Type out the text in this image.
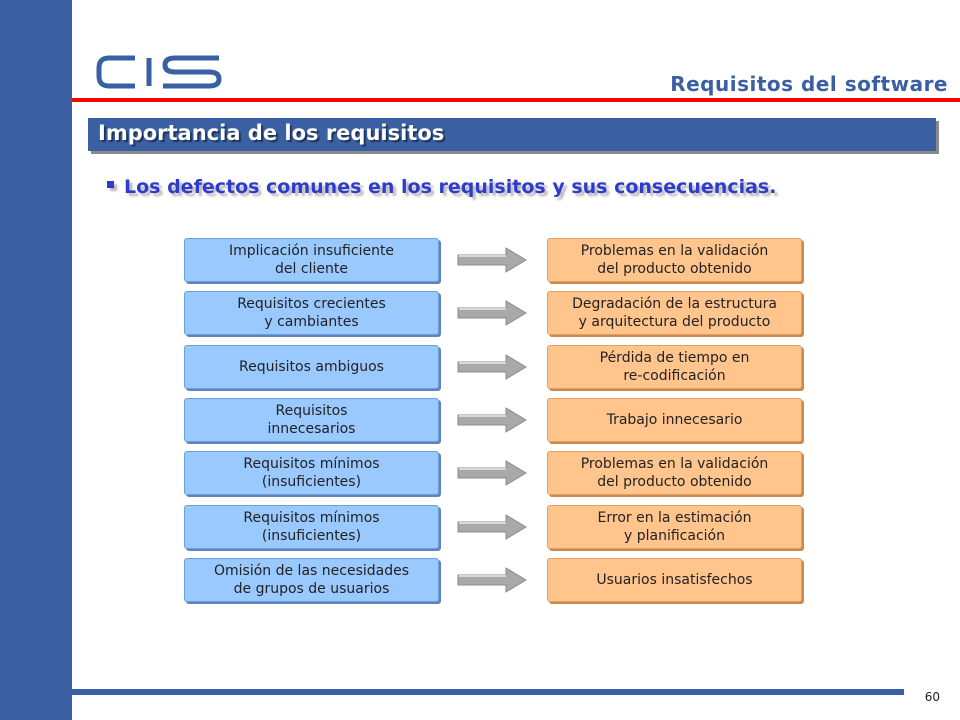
Requisitos del software
Importancia de los requisitos
Los defectos comunes en los requisitos y sus consecuencias.
Implicación insuficiente
del cliente
Problemas en la validación
del producto obtenido
Requisitos crecientes
y cambiantes
Degradación de la estructura
y arquitectura del producto
Requisitos ambiguos
Pérdida de tiempo en
re-codificación
Requisitos
innecesarios
Trabajo innecesario
Requisitos mínimos
(insuficientes)
Problemas en la validación
del producto obtenido
Requisitos mínimos
(insuficientes)
Error en la estimación
y planificación
Omisión de las necesidades
de grupos de usuarios
Usuarios insatisfechos
60
